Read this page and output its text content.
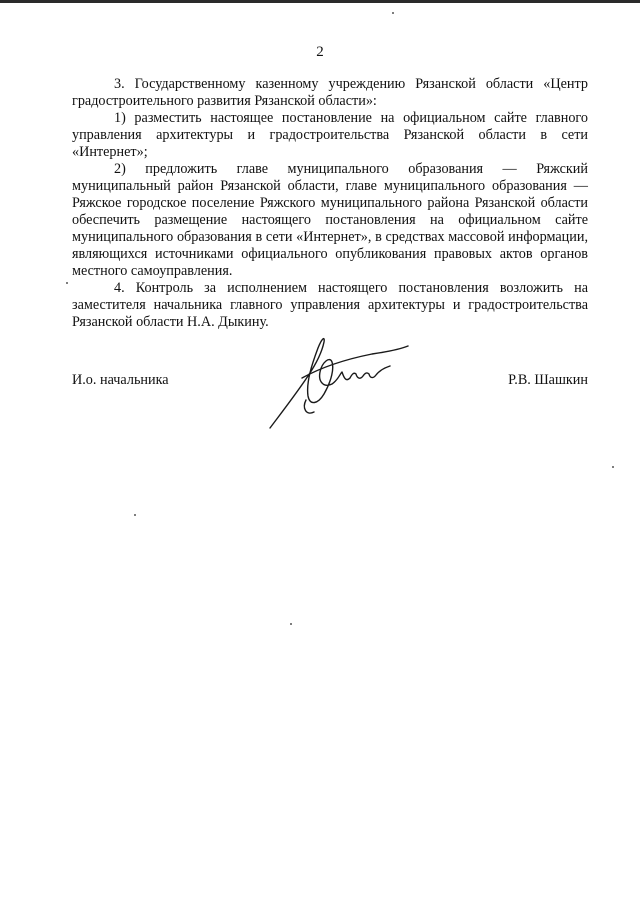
2

3. Государственному казенному учреждению Рязанской области «Центр градостроительного развития Рязанской области»:

1) разместить настоящее постановление на официальном сайте главного управления архитектуры и градостроительства Рязанской области в сети «Интернет»;

2) предложить главе муниципального образования — Ряжский муниципальный район Рязанской области, главе муниципального образования — Ряжское городское поселение Ряжского муниципального района Рязанской области обеспечить размещение настоящего постановления на официальном сайте муниципального образования в сети «Интернет», в средствах массовой информации, являющихся источниками официального опубликования правовых актов органов местного самоуправления.

4. Контроль за исполнением настоящего постановления возложить на заместителя начальника главного управления архитектуры и градостроительства Рязанской области Н.А. Дыкину.

И.о. начальника	Р.В. Шашкин
